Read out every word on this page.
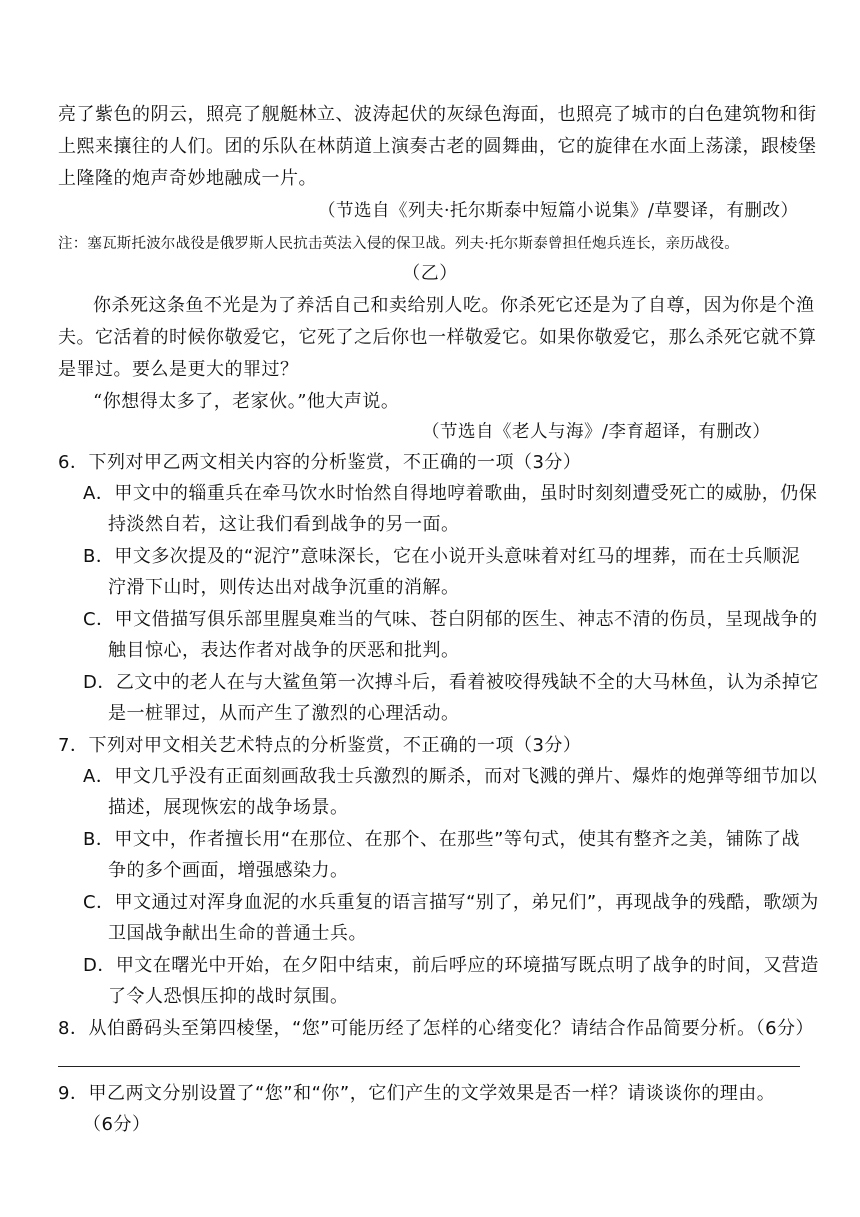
亮了紫色的阴云，照亮了舰艇林立、波涛起伏的灰绿色海面，也照亮了城市的白色建筑物和街
上熙来攘往的人们。团的乐队在林荫道上演奏古老的圆舞曲，它的旋律在水面上荡漾，跟棱堡
上隆隆的炮声奇妙地融成一片。
（节选自《列夫·托尔斯泰中短篇小说集》/草婴译，有删改）
注：塞瓦斯托波尔战役是俄罗斯人民抗击英法入侵的保卫战。列夫·托尔斯泰曾担任炮兵连长，亲历战役。
（乙）
你杀死这条鱼不光是为了养活自己和卖给别人吃。你杀死它还是为了自尊，因为你是个渔
夫。它活着的时候你敬爱它，它死了之后你也一样敬爱它。如果你敬爱它，那么杀死它就不算
是罪过。要么是更大的罪过？
“你想得太多了，老家伙。”他大声说。
（节选自《老人与海》/李育超译，有删改）
6．下列对甲乙两文相关内容的分析鉴赏，不正确的一项（3分）
A．甲文中的辎重兵在牵马饮水时怡然自得地哼着歌曲，虽时时刻刻遭受死亡的威胁，仍保
持淡然自若，这让我们看到战争的另一面。
B．甲文多次提及的“泥泞”意味深长，它在小说开头意味着对红马的埋葬，而在士兵顺泥
泞滑下山时，则传达出对战争沉重的消解。
C．甲文借描写俱乐部里腥臭难当的气味、苍白阴郁的医生、神志不清的伤员，呈现战争的
触目惊心，表达作者对战争的厌恶和批判。
D．乙文中的老人在与大鲨鱼第一次搏斗后，看着被咬得残缺不全的大马林鱼，认为杀掉它
是一桩罪过，从而产生了激烈的心理活动。
7．下列对甲文相关艺术特点的分析鉴赏，不正确的一项（3分）
A．甲文几乎没有正面刻画敌我士兵激烈的厮杀，而对飞溅的弹片、爆炸的炮弹等细节加以
描述，展现恢宏的战争场景。
B．甲文中，作者擅长用“在那位、在那个、在那些”等句式，使其有整齐之美，铺陈了战
争的多个画面，增强感染力。
C．甲文通过对浑身血泥的水兵重复的语言描写“别了，弟兄们”，再现战争的残酷，歌颂为
卫国战争献出生命的普通士兵。
D．甲文在曙光中开始，在夕阳中结束，前后呼应的环境描写既点明了战争的时间，又营造
了令人恐惧压抑的战时氛围。
8．从伯爵码头至第四棱堡，“您”可能历经了怎样的心绪变化？请结合作品简要分析。（6分）
9．甲乙两文分别设置了“您”和“你”，它们产生的文学效果是否一样？请谈谈你的理由。
（6分）
